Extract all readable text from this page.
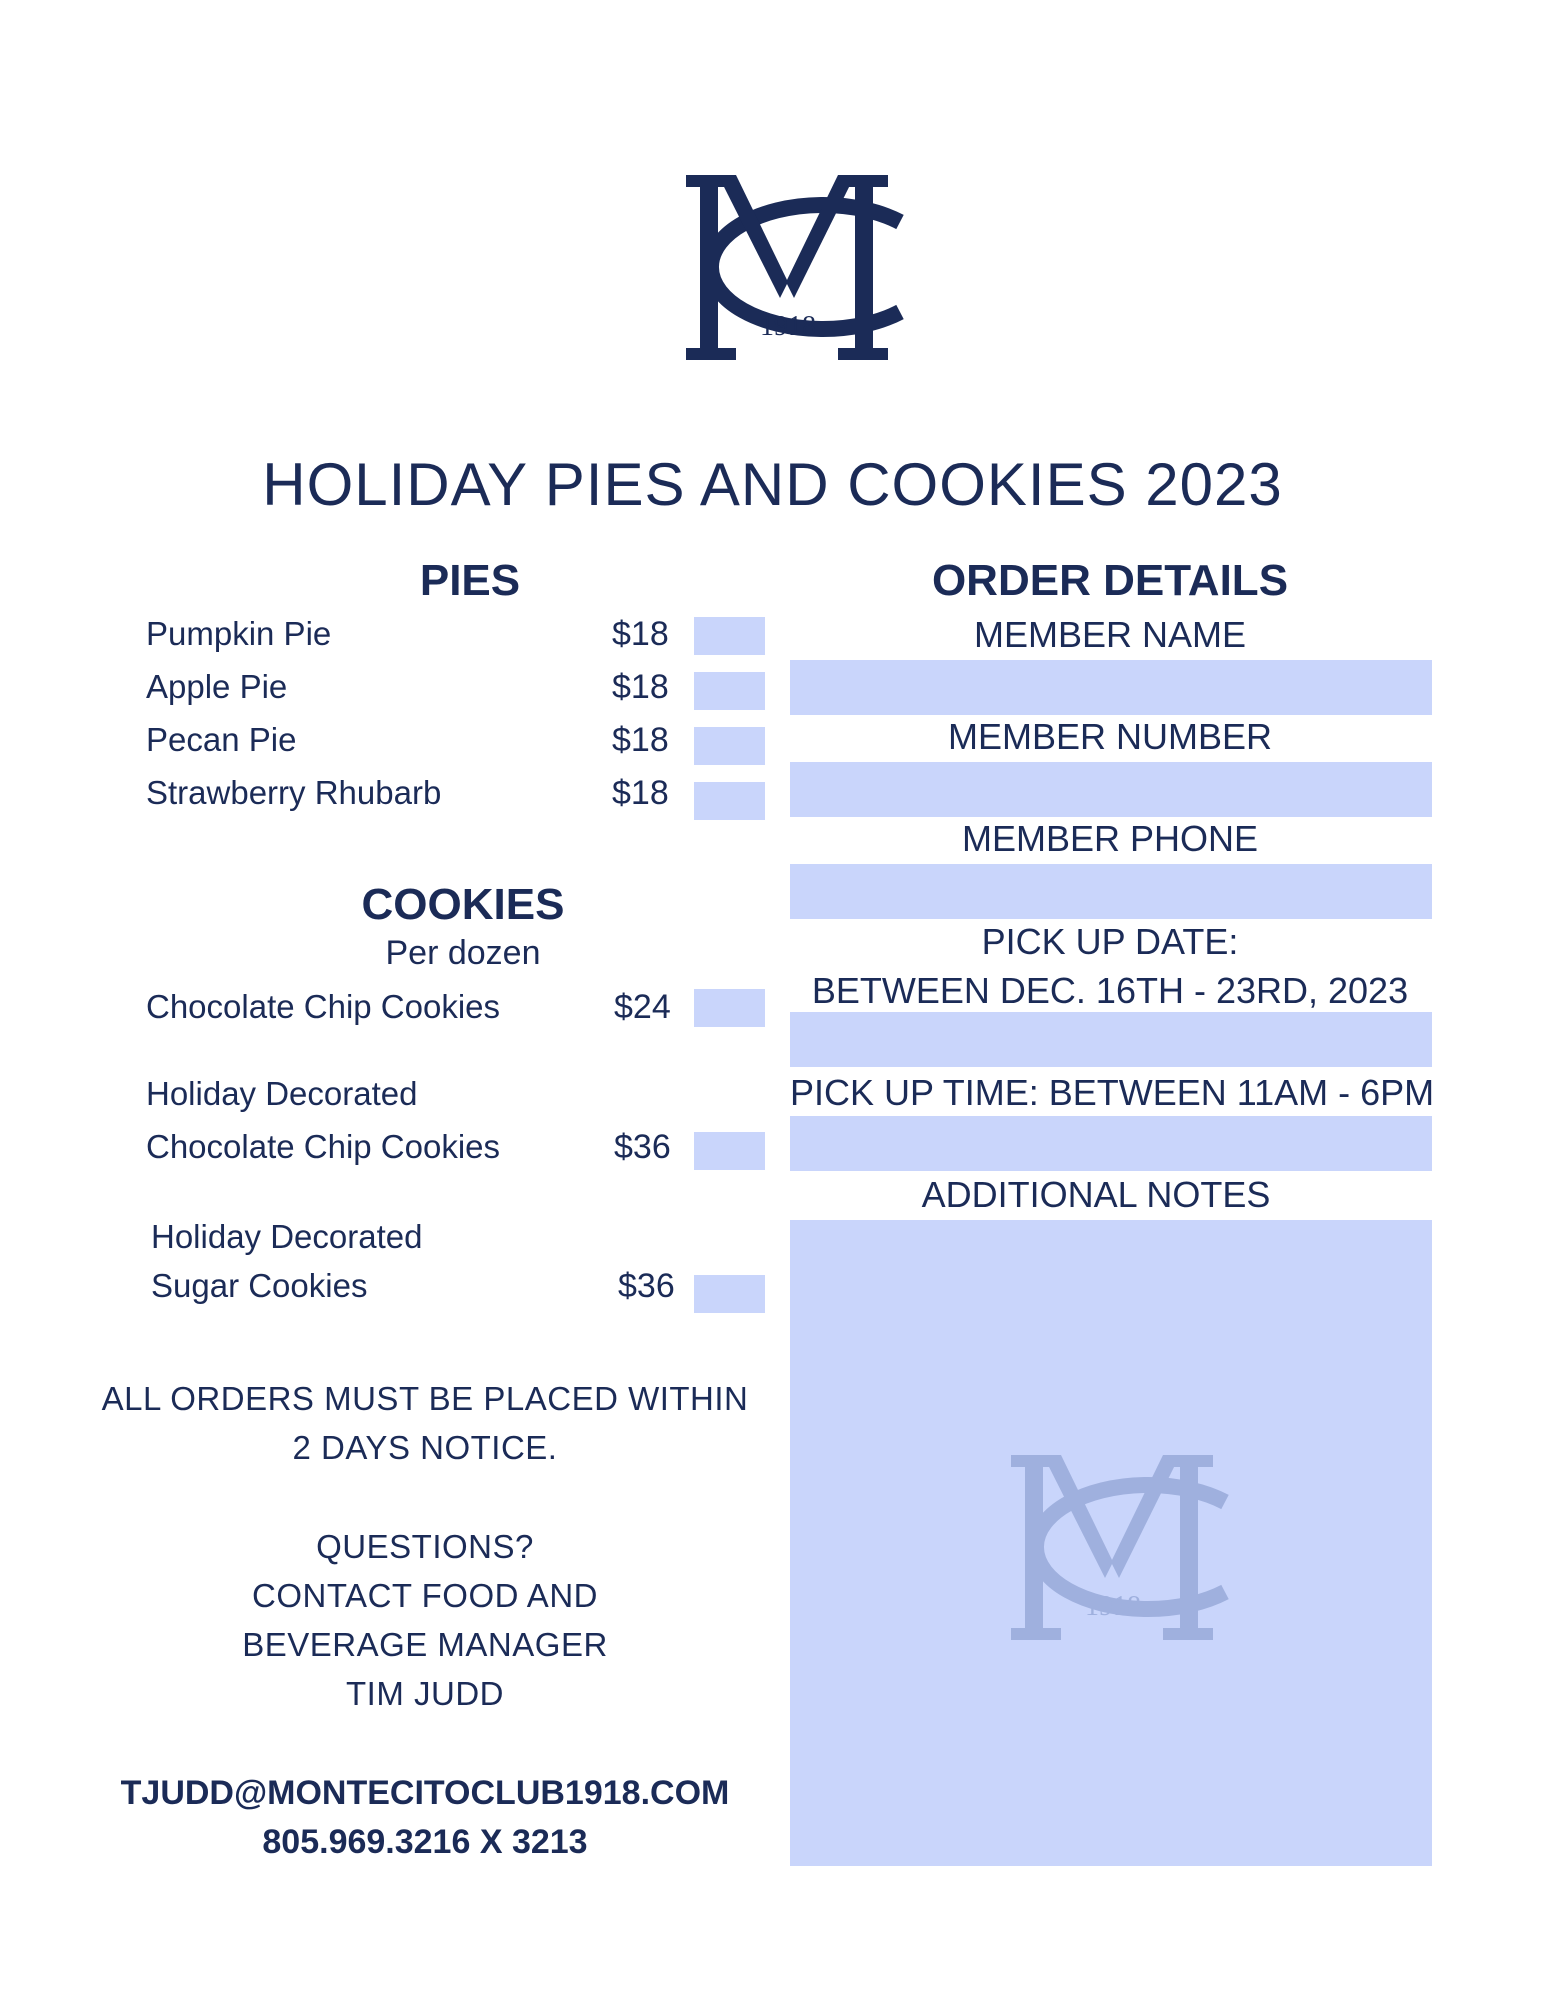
1918
HOLIDAY PIES AND COOKIES 2023
PIES
Pumpkin Pie	$18
Apple Pie	$18
Pecan Pie	$18
Strawberry Rhubarb	$18
COOKIES
Per dozen
Chocolate Chip Cookies	$24
Holiday Decorated
Chocolate Chip Cookies	$36
Holiday Decorated
Sugar Cookies	$36
ALL ORDERS MUST BE PLACED WITHIN
2 DAYS NOTICE.
QUESTIONS?
CONTACT FOOD AND
BEVERAGE MANAGER
TIM JUDD
TJUDD@MONTECITOCLUB1918.COM
805.969.3216 X 3213
ORDER DETAILS
MEMBER NAME
MEMBER NUMBER
MEMBER PHONE
PICK UP DATE:
BETWEEN DEC. 16TH - 23RD, 2023
PICK UP TIME: BETWEEN 11AM - 6PM
ADDITIONAL NOTES
1918
